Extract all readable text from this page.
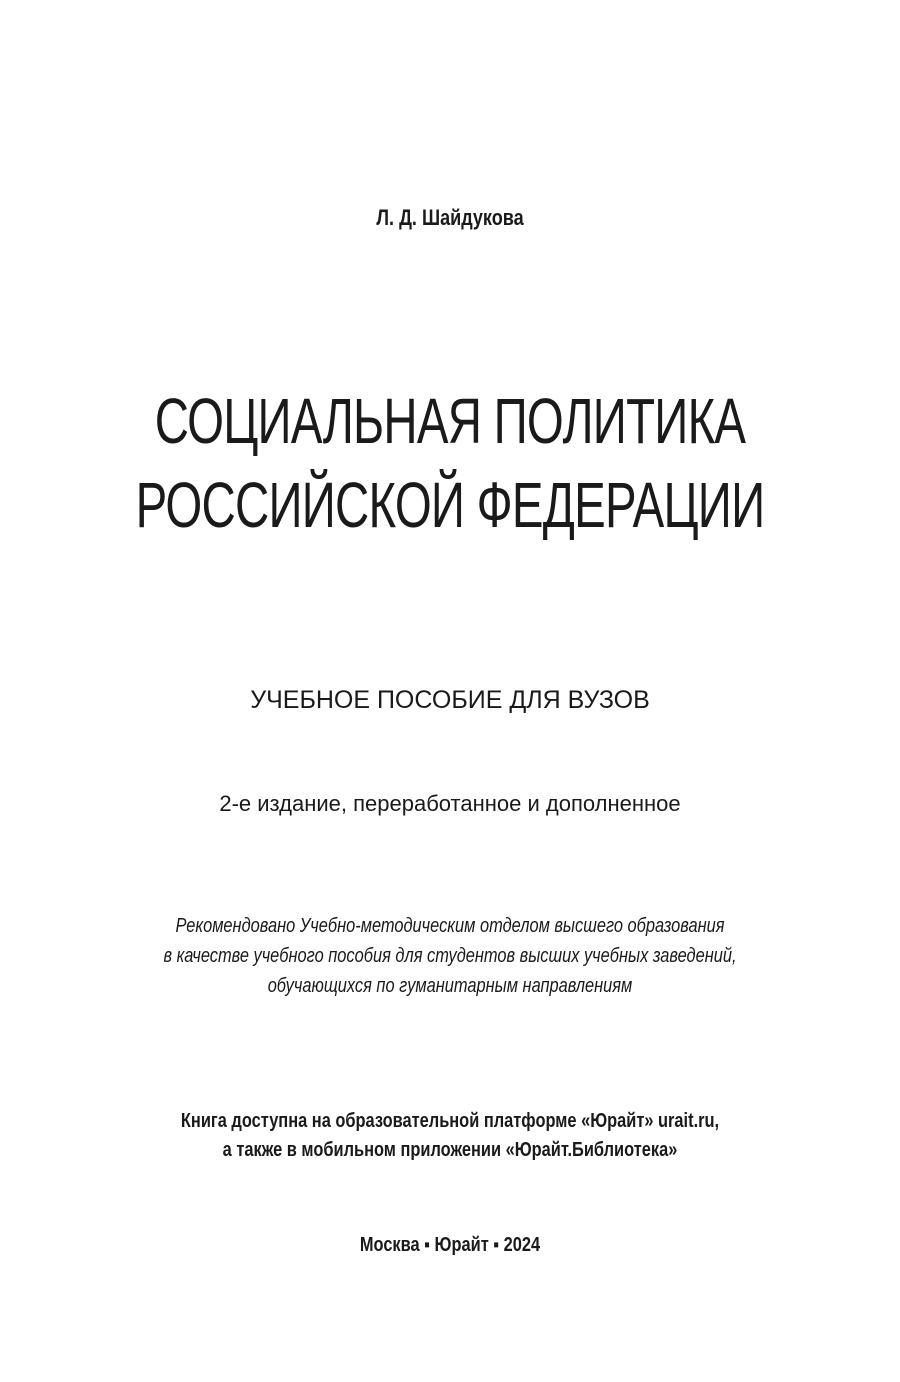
Л. Д. Шайдукова
СОЦИАЛЬНАЯ ПОЛИТИКА
РОССИЙСКОЙ ФЕДЕРАЦИИ
УЧЕБНОЕ ПОСОБИЕ ДЛЯ ВУЗОВ
2-е издание, переработанное и дополненное
Рекомендовано Учебно-методическим отделом высшего образования
в качестве учебного пособия для студентов высших учебных заведений,
обучающихся по гуманитарным направлениям
Книга доступна на образовательной платформе «Юрайт» urait.ru,
а также в мобильном приложении «Юрайт.Библиотека»
Москва ▪ Юрайт ▪ 2024
